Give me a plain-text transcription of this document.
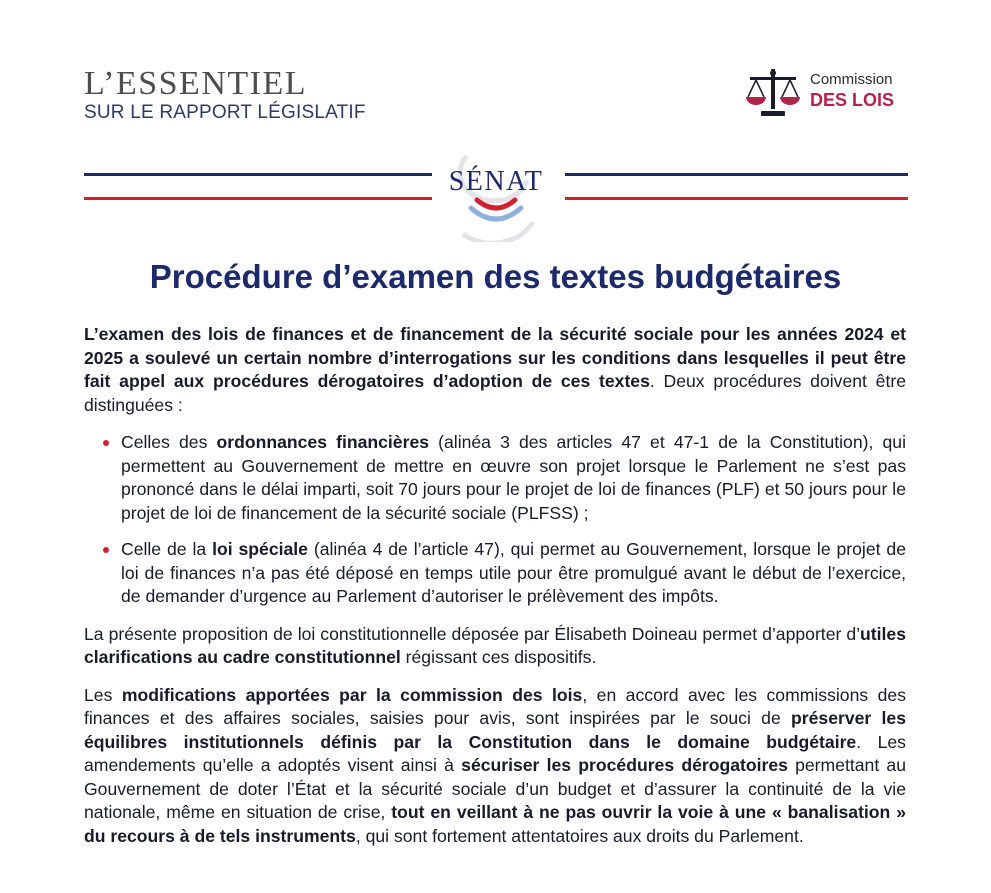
L’ESSENTIEL
SUR LE RAPPORT LÉGISLATIF
Commission
DES LOIS
SÉNAT
Procédure d’examen des textes budgétaires

L’examen des lois de finances et de financement de la sécurité sociale pour les années 2024 et 2025 a soulevé un certain nombre d’interrogations sur les conditions dans lesquelles il peut être fait appel aux procédures dérogatoires d’adoption de ces textes. Deux procédures doivent être distinguées :

Celles des ordonnances financières (alinéa 3 des articles 47 et 47-1 de la Constitution), qui permettent au Gouvernement de mettre en œuvre son projet lorsque le Parlement ne s’est pas prononcé dans le délai imparti, soit 70 jours pour le projet de loi de finances (PLF) et 50 jours pour le projet de loi de financement de la sécurité sociale (PLFSS) ;
Celle de la loi spéciale (alinéa 4 de l’article 47), qui permet au Gouvernement, lorsque le projet de loi de finances n’a pas été déposé en temps utile pour être promulgué avant le début de l’exercice, de demander d’urgence au Parlement d’autoriser le prélèvement des impôts.

La présente proposition de loi constitutionnelle déposée par Élisabeth Doineau permet d’apporter d’utiles clarifications au cadre constitutionnel régissant ces dispositifs.

Les modifications apportées par la commission des lois, en accord avec les commissions des finances et des affaires sociales, saisies pour avis, sont inspirées par le souci de préserver les équilibres institutionnels définis par la Constitution dans le domaine budgétaire. Les amendements qu’elle a adoptés visent ainsi à sécuriser les procédures dérogatoires permettant au Gouvernement de doter l’État et la sécurité sociale d’un budget et d’assurer la continuité de la vie nationale, même en situation de crise, tout en veillant à ne pas ouvrir la voie à une « banalisation » du recours à de tels instruments, qui sont fortement attentatoires aux droits du Parlement.
